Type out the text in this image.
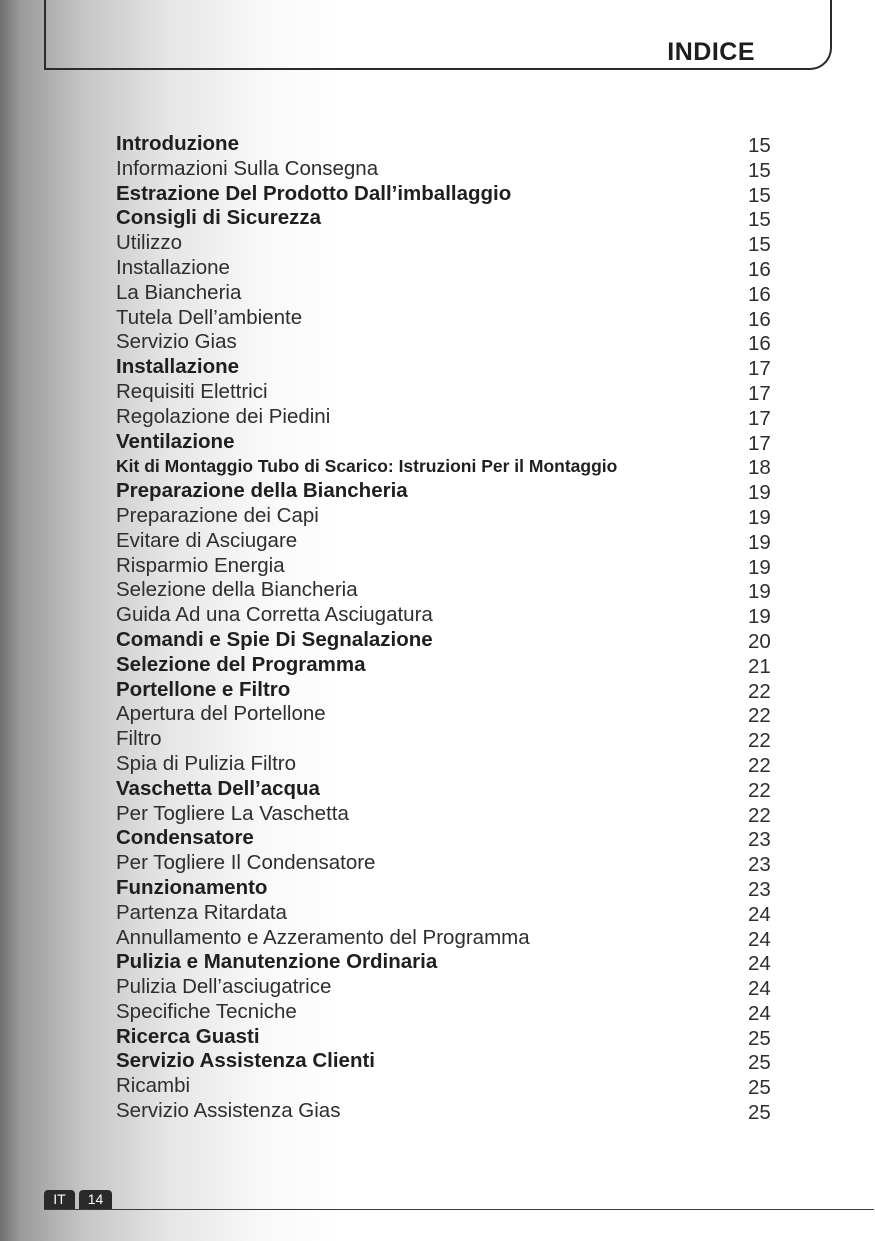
INDICE
Introduzione	15
Informazioni Sulla Consegna	15
Estrazione Del Prodotto Dall’imballaggio	15
Consigli di Sicurezza	15
Utilizzo	15
Installazione	16
La Biancheria	16
Tutela Dell’ambiente	16
Servizio Gias	16
Installazione	17
Requisiti Elettrici	17
Regolazione dei Piedini	17
Ventilazione	17
Kit di Montaggio Tubo di Scarico: Istruzioni Per il Montaggio	18
Preparazione della Biancheria	19
Preparazione dei Capi	19
Evitare di Asciugare	19
Risparmio Energia	19
Selezione della Biancheria	19
Guida Ad una Corretta Asciugatura	19
Comandi e Spie Di Segnalazione	20
Selezione del Programma	21
Portellone e Filtro	22
Apertura del Portellone	22
Filtro	22
Spia di Pulizia Filtro	22
Vaschetta Dell’acqua	22
Per Togliere La Vaschetta	22
Condensatore	23
Per Togliere Il Condensatore	23
Funzionamento	23
Partenza Ritardata	24
Annullamento e Azzeramento del Programma	24
Pulizia e Manutenzione Ordinaria	24
Pulizia Dell’asciugatrice	24
Specifiche Tecniche	24
Ricerca Guasti	25
Servizio Assistenza Clienti	25
Ricambi	25
Servizio Assistenza Gias	25
IT	14
